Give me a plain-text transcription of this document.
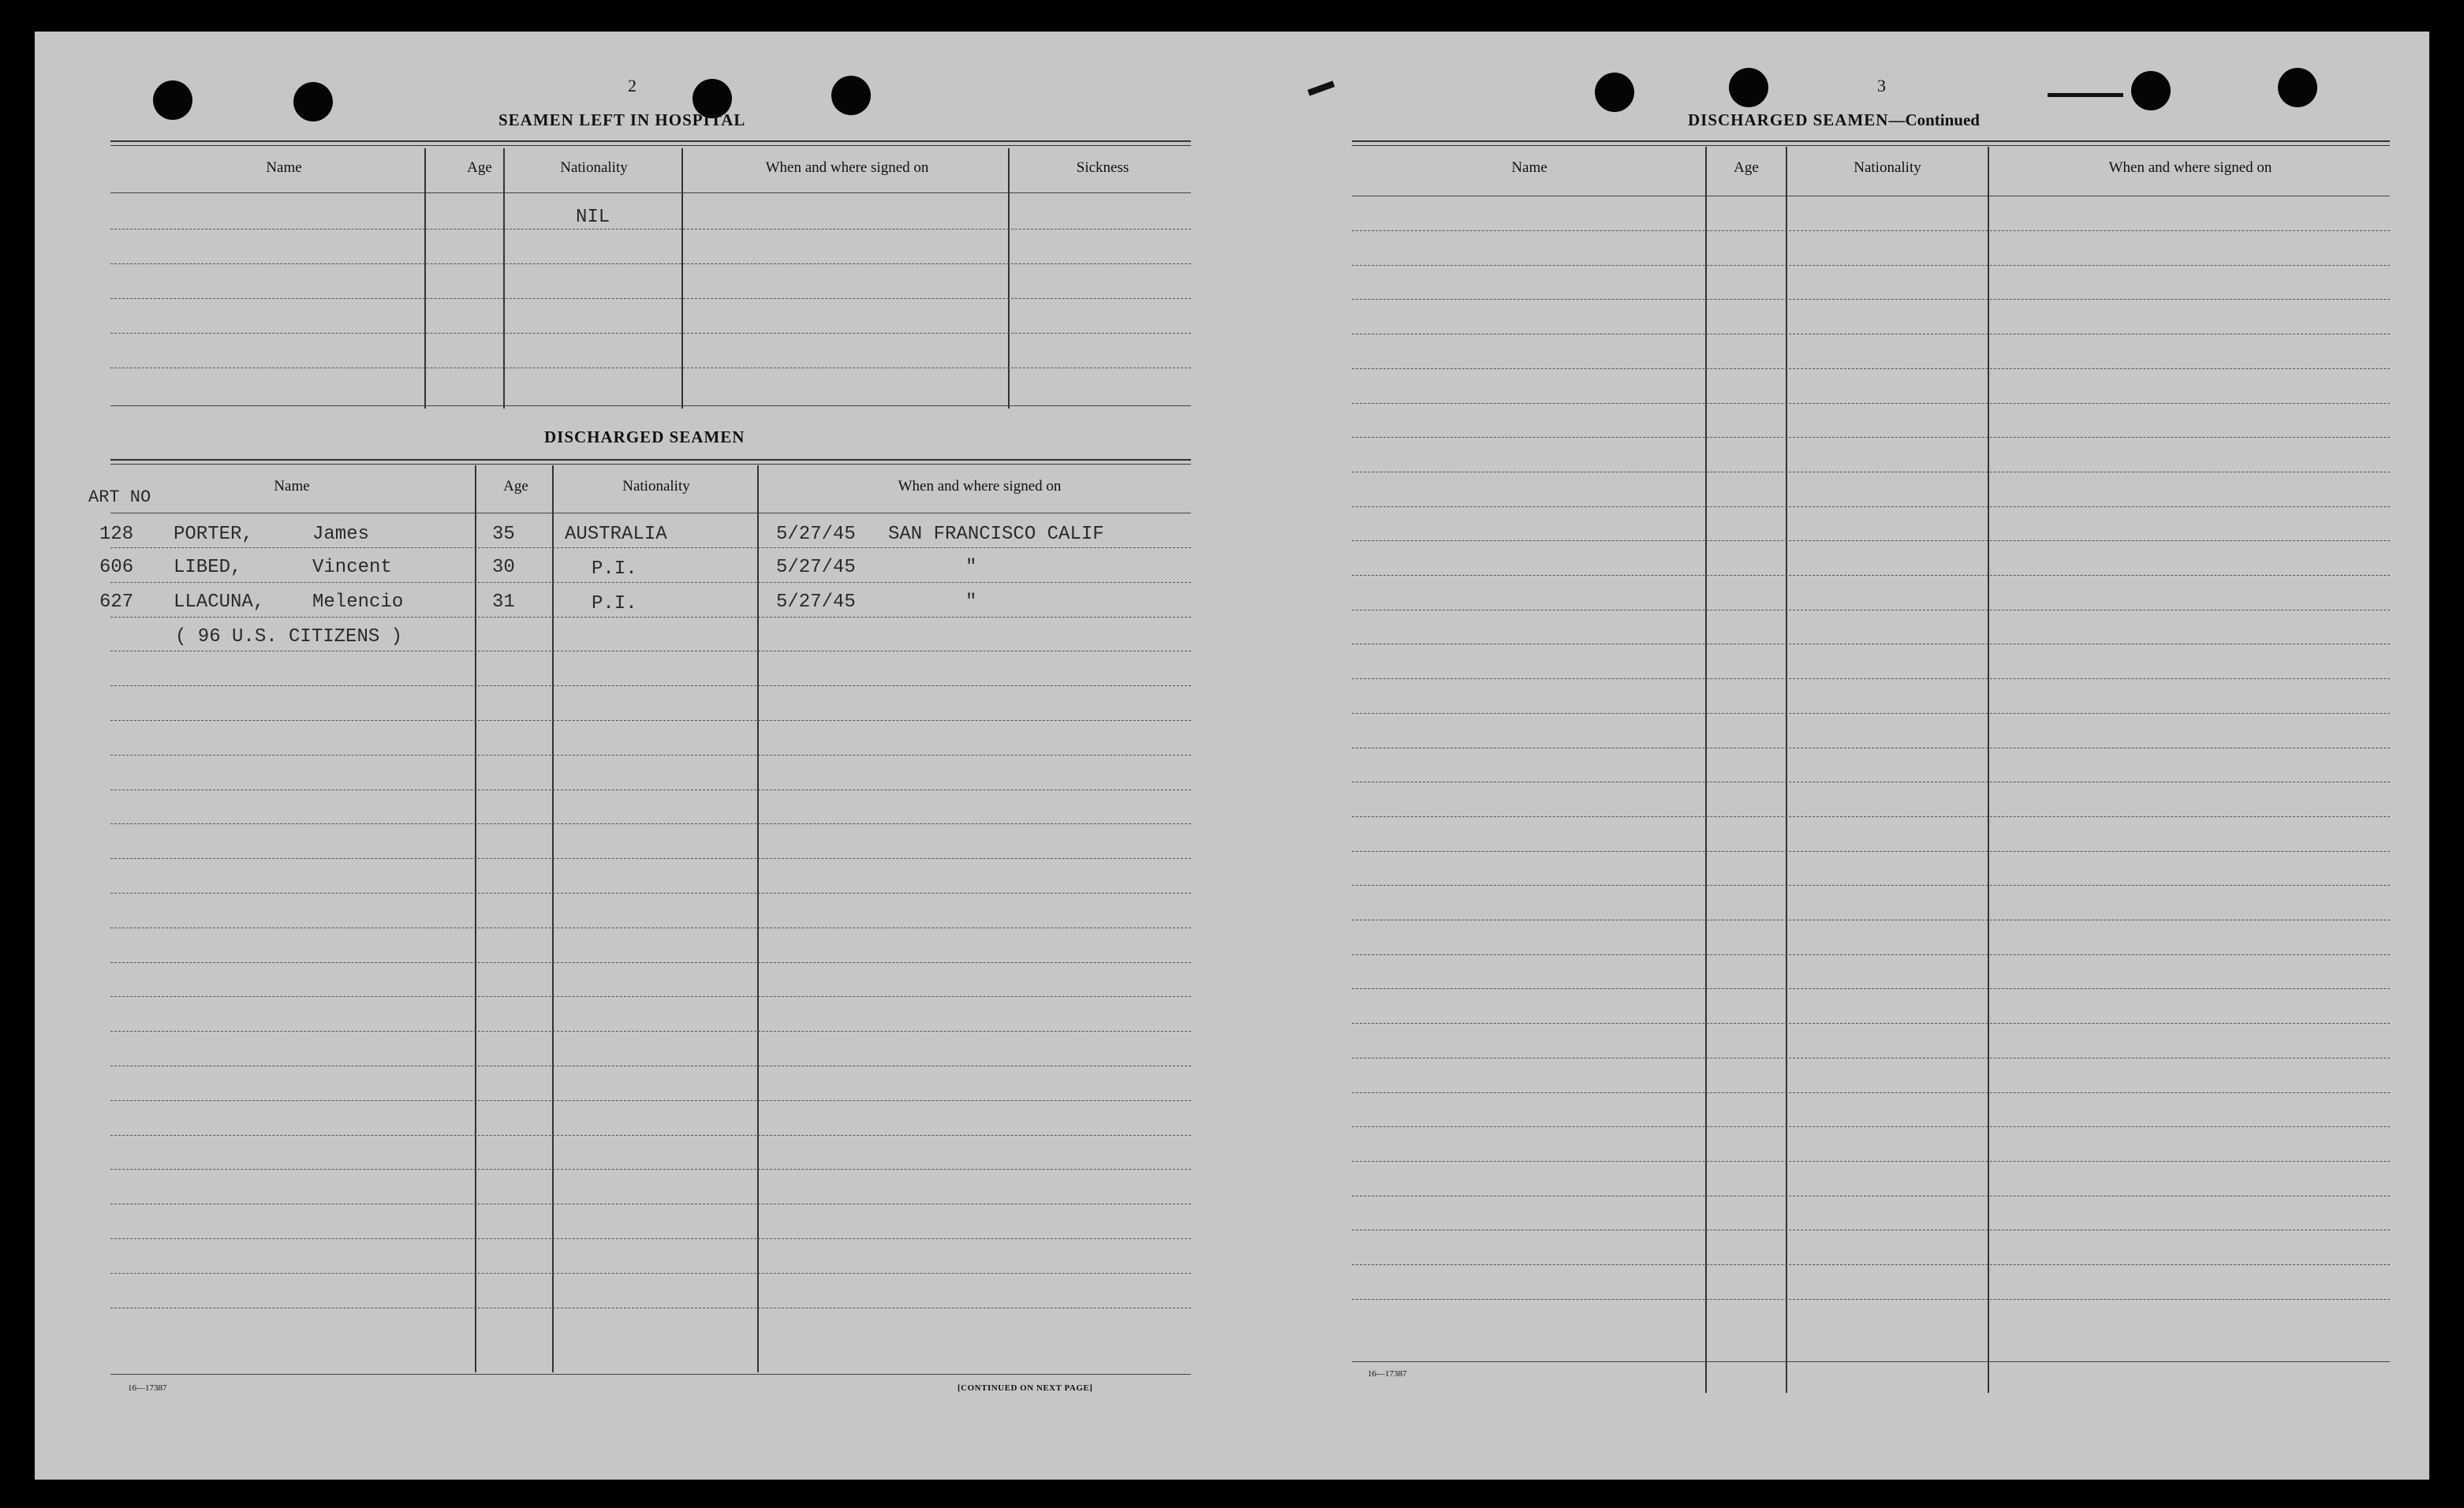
2
SEAMEN LEFT IN HOSPITAL
Name	Age	Nationality	When and where signed on	Sickness
NIL
DISCHARGED SEAMEN
ART NO
Name	Age	Nationality	When and where signed on
128 PORTER,	James	35	AUSTRALIA	5/27/45 SAN FRANCISCO CALIF
606 LIBED,	Vincent	30	P.I.	5/27/45	"
627 LLACUNA,	Melencio	31	P.I.	5/27/45	"
( 96 U.S. CITIZENS )
16—17387	[CONTINUED ON NEXT PAGE]
3
DISCHARGED SEAMEN—Continued
Name	Age	Nationality	When and where signed on
16—17387
